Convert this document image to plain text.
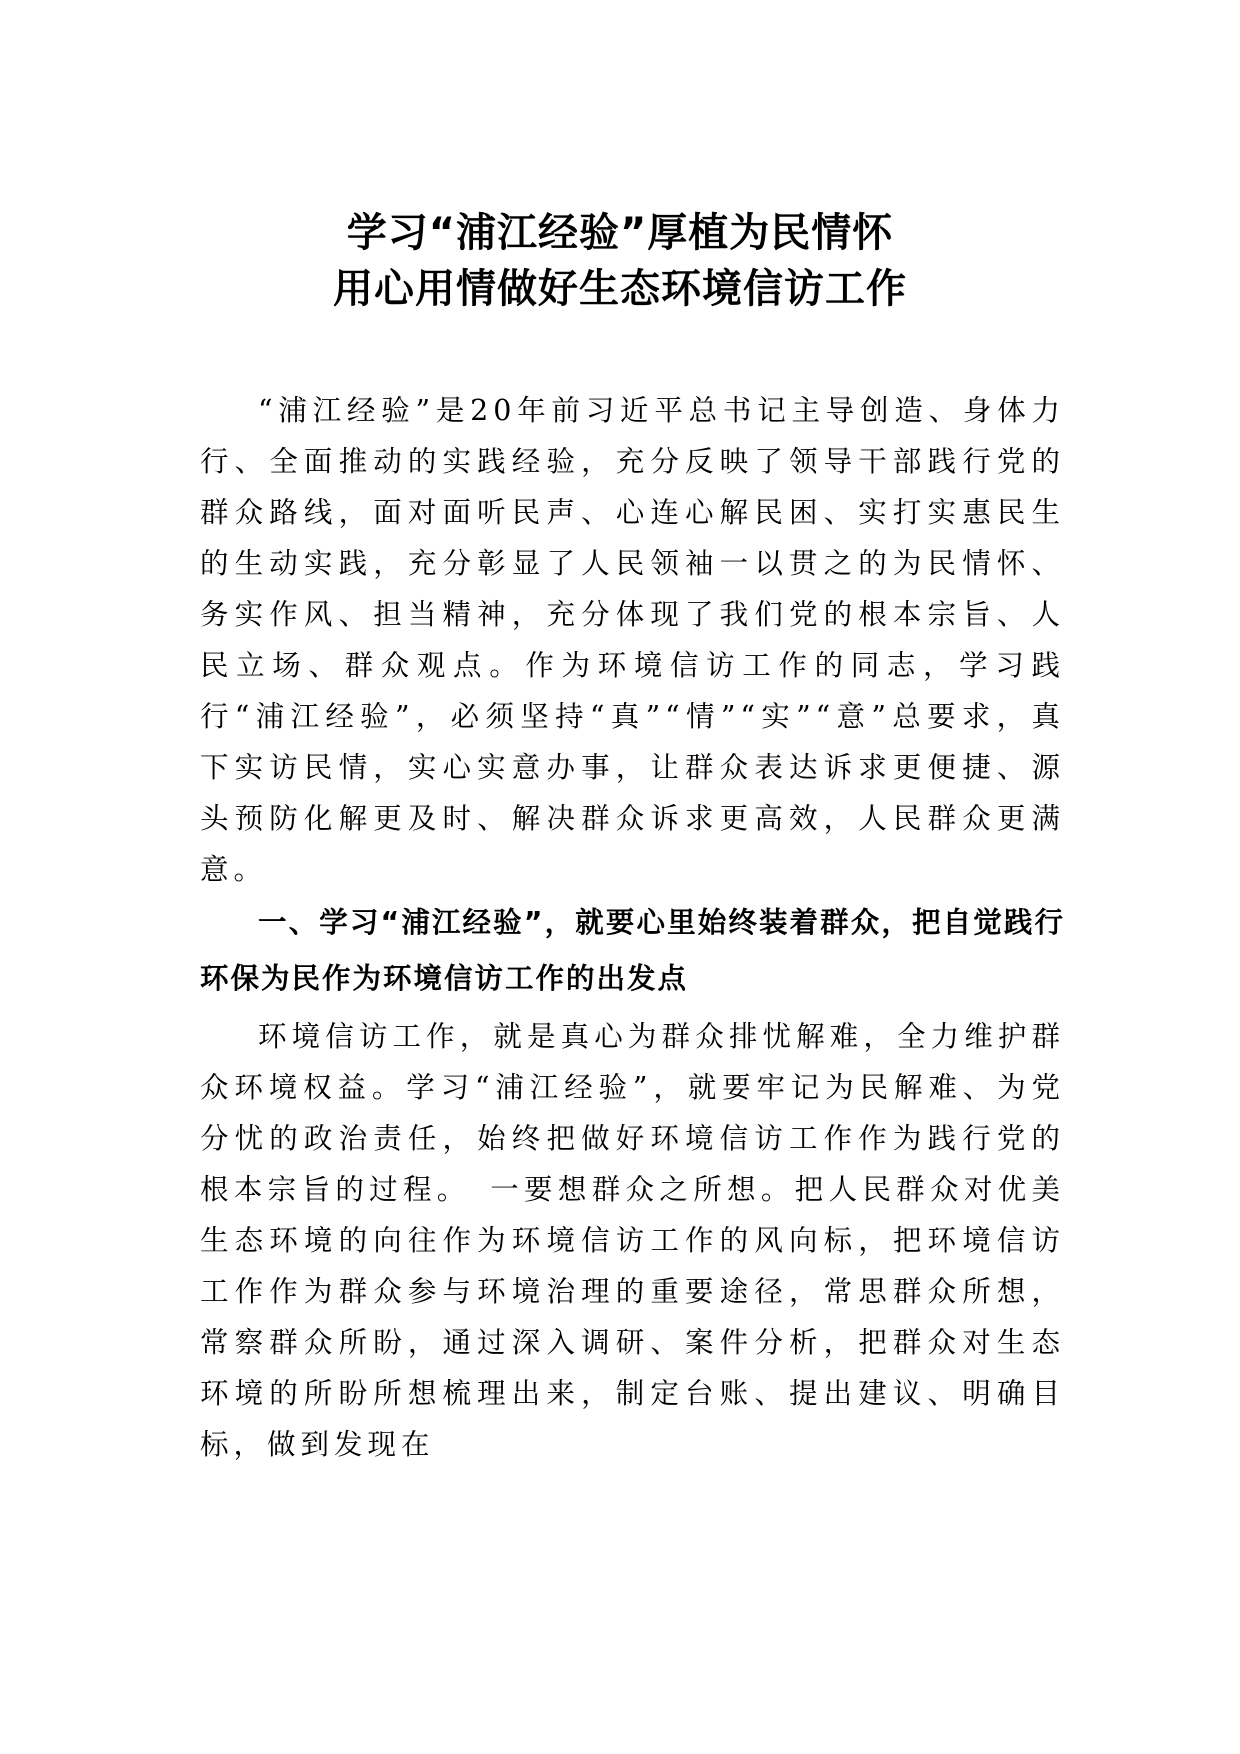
学习“浦江经验”厚植为民情怀
用心用情做好生态环境信访工作

“浦江经验”是20年前习近平总书记主导创造、身体力行、全面推动的实践经验，充分反映了领导干部践行党的群众路线，面对面听民声、心连心解民困、实打实惠民生的生动实践，充分彰显了人民领袖一以贯之的为民情怀、务实作风、担当精神，充分体现了我们党的根本宗旨、人民立场、群众观点。作为环境信访工作的同志，学习践行“浦江经验”，必须坚持“真”“情”“实”“意”总要求，真下实访民情，实心实意办事，让群众表达诉求更便捷、源头预防化解更及时、解决群众诉求更高效，人民群众更满意。

一、学习“浦江经验”，就要心里始终装着群众，把自觉践行环保为民作为环境信访工作的出发点

环境信访工作，就是真心为群众排忧解难，全力维护群众环境权益。学习“浦江经验”，就要牢记为民解难、为党分忧的政治责任，始终把做好环境信访工作作为践行党的根本宗旨的过程。　一要想群众之所想。把人民群众对优美生态环境的向往作为环境信访工作的风向标，把环境信访工作作为群众参与环境治理的重要途径，常思群众所想，常察群众所盼，通过深入调研、案件分析，把群众对生态环境的所盼所想梳理出来，制定台账、提出建议、明确目标，做到发现在
